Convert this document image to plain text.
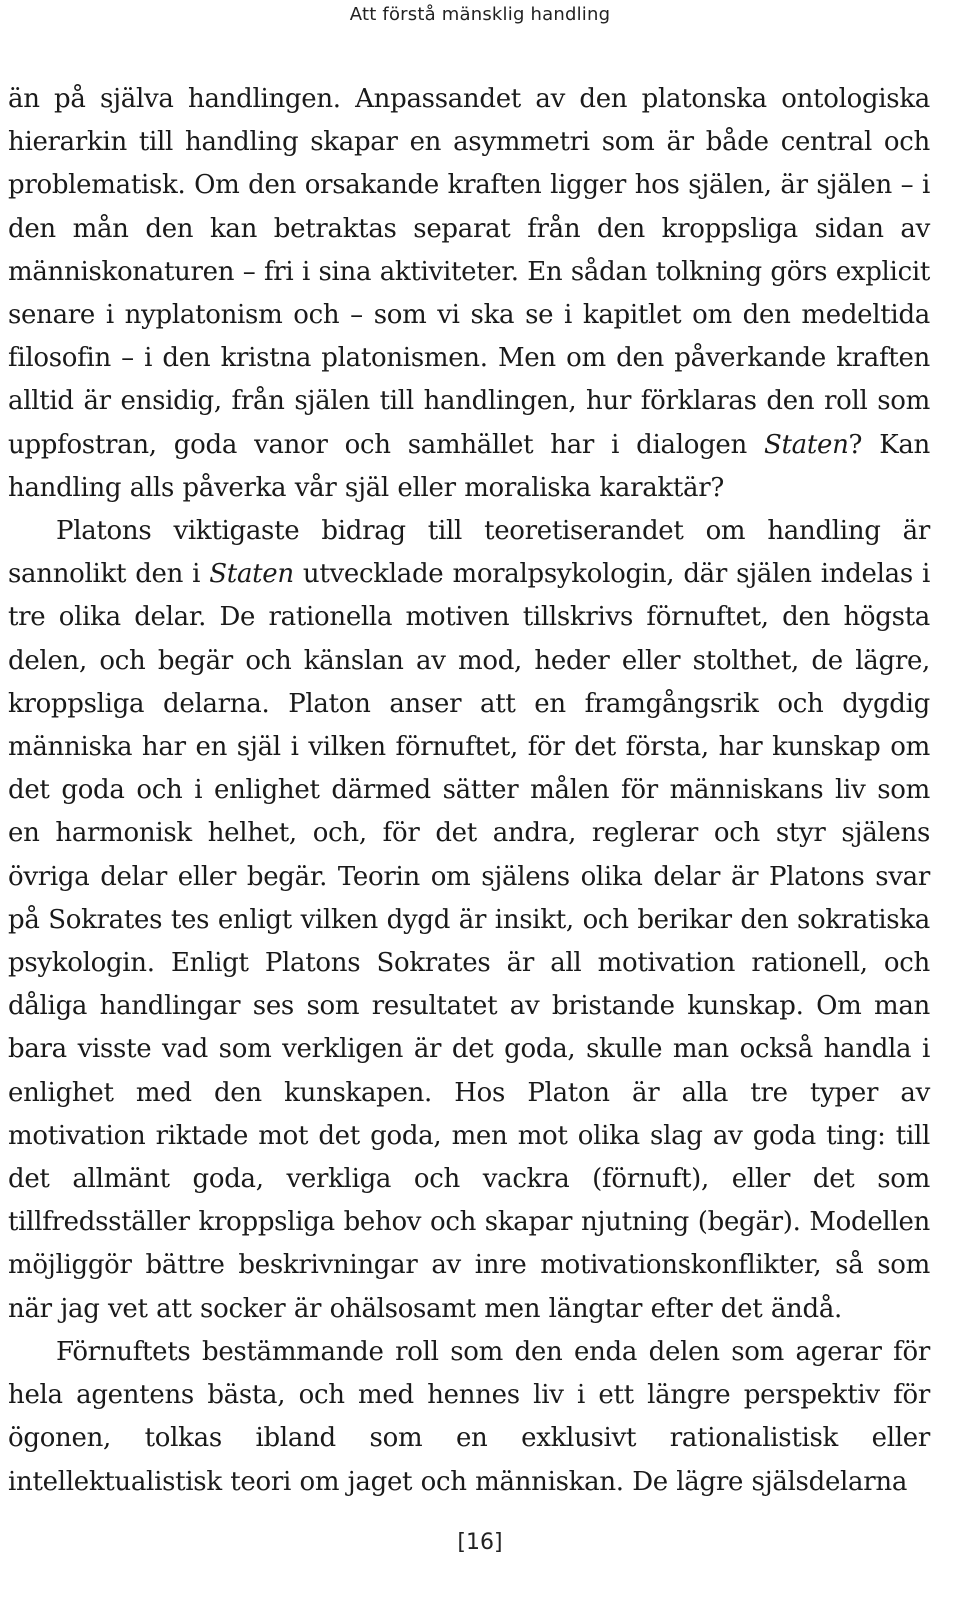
Att förstå mänsklig handling

än på själva handlingen. Anpassandet av den platonska ontologiska hierarkin till handling skapar en asymmetri som är både central och problematisk. Om den orsakande kraften ligger hos själen, är själen – i den mån den kan betraktas separat från den kroppsliga sidan av människonaturen – fri i sina aktiviteter. En sådan tolkning görs explicit senare i nyplatonism och – som vi ska se i kapitlet om den medeltida filosofin – i den kristna platonismen. Men om den påverkande kraften alltid är ensidig, från själen till handlingen, hur förklaras den roll som uppfostran, goda vanor och samhället har i dialogen Staten? Kan handling alls påverka vår själ eller moraliska karaktär?

Platons viktigaste bidrag till teoretiserandet om handling är sannolikt den i Staten utvecklade moralpsykologin, där själen indelas i tre olika delar. De rationella motiven tillskrivs förnuftet, den högsta delen, och begär och känslan av mod, heder eller stolthet, de lägre, kroppsliga delarna. Platon anser att en framgångsrik och dygdig människa har en själ i vilken förnuftet, för det första, har kunskap om det goda och i enlighet därmed sätter målen för människans liv som en harmonisk helhet, och, för det andra, reglerar och styr själens övriga delar eller begär. Teorin om själens olika delar är Platons svar på Sokrates tes enligt vilken dygd är insikt, och berikar den sokratiska psykologin. Enligt Platons Sokrates är all motivation rationell, och dåliga handlingar ses som resultatet av bristande kunskap. Om man bara visste vad som verkligen är det goda, skulle man också handla i enlighet med den kunskapen. Hos Platon är alla tre typer av motivation riktade mot det goda, men mot olika slag av goda ting: till det allmänt goda, verkliga och vackra (förnuft), eller det som tillfredsställer kroppsliga behov och skapar njutning (begär). Modellen möjliggör bättre beskrivningar av inre motivationskonflikter, så som när jag vet att socker är ohälsosamt men längtar efter det ändå.

Förnuftets bestämmande roll som den enda delen som agerar för hela agentens bästa, och med hennes liv i ett längre perspektiv för ögonen, tolkas ibland som en exklusivt rationalistisk eller intellektualistisk teori om jaget och människan. De lägre själsdelarna

[16]
